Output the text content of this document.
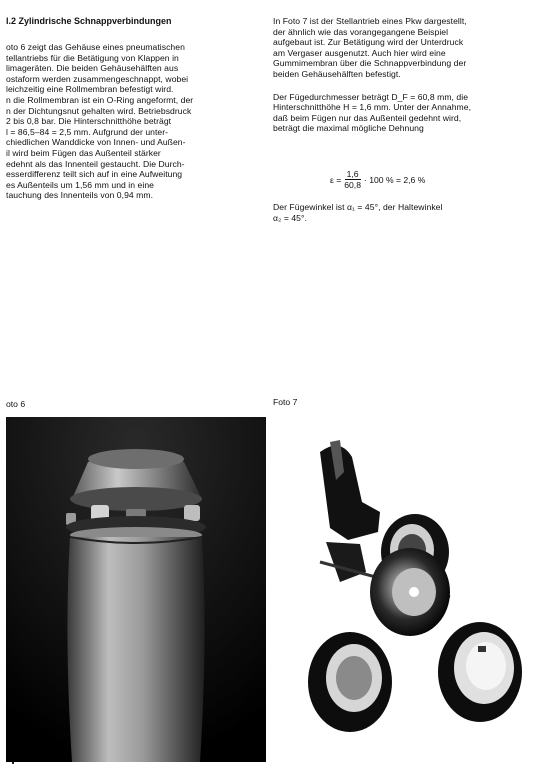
l.2 Zylindrische Schnappverbindungen
oto 6 zeigt das Gehäuse eines pneumatischen
tellantriebs für die Betätigung von Klappen in
limageräten. Die beiden Gehäusehälften aus
ostaform werden zusammengeschnappt, wobei
leichzeitig eine Rollmembran befestigt wird.
n die Rollmembran ist ein O-Ring angeformt, der
n der Dichtungsnut gehalten wird. Betriebsdruck
2 bis 0,8 bar. Die Hinterschnitthöhe beträgt
l = 86,5–84 = 2,5 mm. Aufgrund der unter-
chiedlichen Wanddicke von Innen- und Außen-
il wird beim Fügen das Außenteil stärker
edehnt als das Innenteil gestaucht. Die Durch-
esserdifferenz teilt sich auf in eine Aufweitung
es Außenteils um 1,56 mm und in eine
tauchung des Innenteils von 0,94 mm.
In Foto 7 ist der Stellantrieb eines Pkw dargestellt,
der ähnlich wie das vorangegangene Beispiel
aufgebaut ist. Zur Betätigung wird der Unterdruck
am Vergaser ausgenutzt. Auch hier wird eine
Gummimembran über die Schnappverbindung der
beiden Gehäusehälften befestigt.
Der Fügedurchmesser beträgt D_F = 60,8 mm, die
Hinterschnitthöhe H = 1,6 mm. Unter der Annahme,
daß beim Fügen nur das Außenteil gedehnt wird,
beträgt die maximal mögliche Dehnung
$\varepsilon = \frac{1,6}{60,8} \cdot 100$ % = 2,6 %
Der Fügewinkel ist α₁ = 45°, der Haltewinkel
α₂ = 45°.
oto 6	Foto 7
